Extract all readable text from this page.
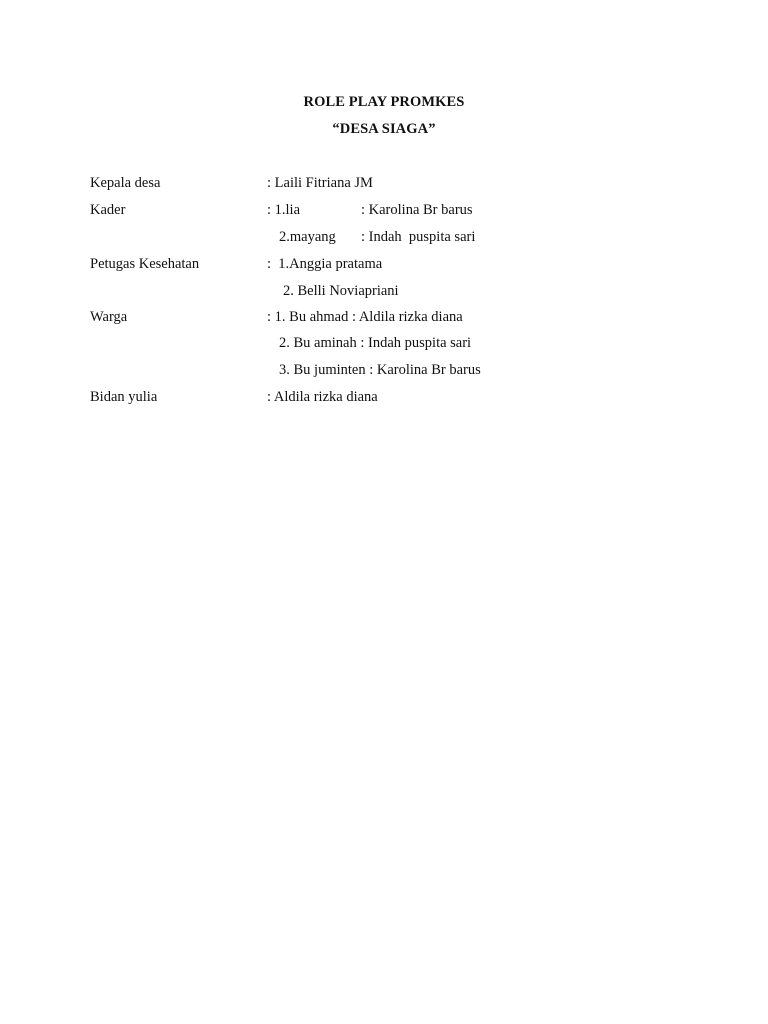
ROLE PLAY PROMKES
“DESA SIAGA”
Kepala desa	: Laili Fitriana JM
Kader	: 1.lia	: Karolina Br barus
2.mayang : Indah  puspita sari
Petugas Kesehatan	:  1.Anggia pratama
2. Belli Noviapriani
Warga	: 1. Bu ahmad : Aldila rizka diana
2. Bu aminah : Indah puspita sari
3. Bu juminten : Karolina Br barus
Bidan yulia	: Aldila rizka diana
